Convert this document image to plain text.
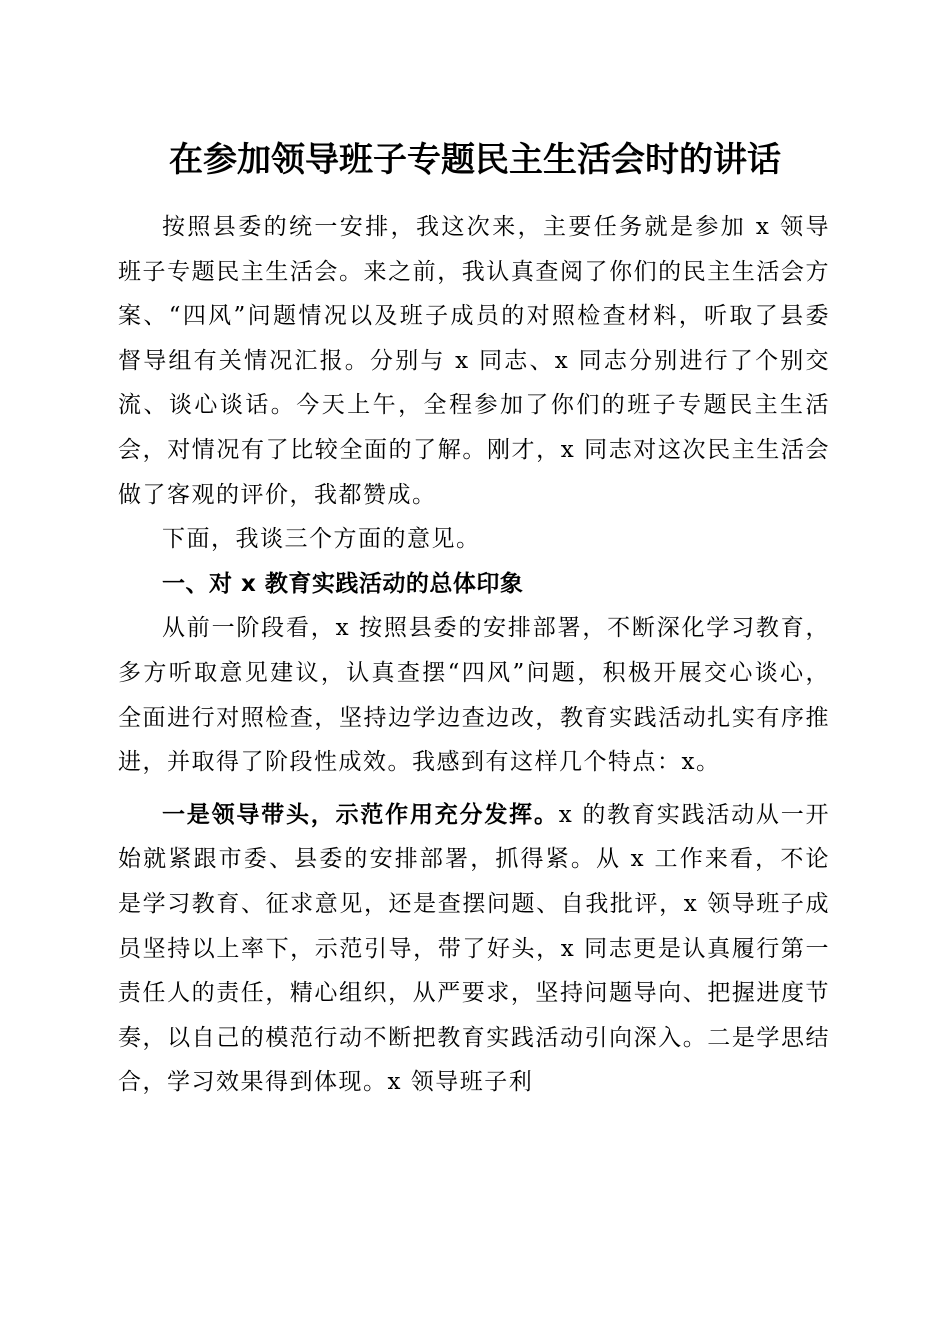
在参加领导班子专题民主生活会时的讲话

按照县委的统一安排，我这次来，主要任务就是参加 x 领导班子专题民主生活会。来之前，我认真查阅了你们的民主生活会方案、“四风”问题情况以及班子成员的对照检查材料，听取了县委督导组有关情况汇报。分别与 x 同志、x 同志分别进行了个别交流、谈心谈话。今天上午，全程参加了你们的班子专题民主生活会，对情况有了比较全面的了解。刚才，x 同志对这次民主生活会做了客观的评价，我都赞成。

下面，我谈三个方面的意见。

一、对 x 教育实践活动的总体印象

从前一阶段看，x 按照县委的安排部署，不断深化学习教育，多方听取意见建议，认真查摆“四风”问题，积极开展交心谈心，全面进行对照检查，坚持边学边查边改，教育实践活动扎实有序推进，并取得了阶段性成效。我感到有这样几个特点：x。

一是领导带头，示范作用充分发挥。x 的教育实践活动从一开始就紧跟市委、县委的安排部署，抓得紧。从 x 工作来看，不论是学习教育、征求意见，还是查摆问题、自我批评，x 领导班子成员坚持以上率下，示范引导，带了好头，x 同志更是认真履行第一责任人的责任，精心组织，从严要求，坚持问题导向、把握进度节奏，以自己的模范行动不断把教育实践活动引向深入。二是学思结合，学习效果得到体现。x 领导班子利
